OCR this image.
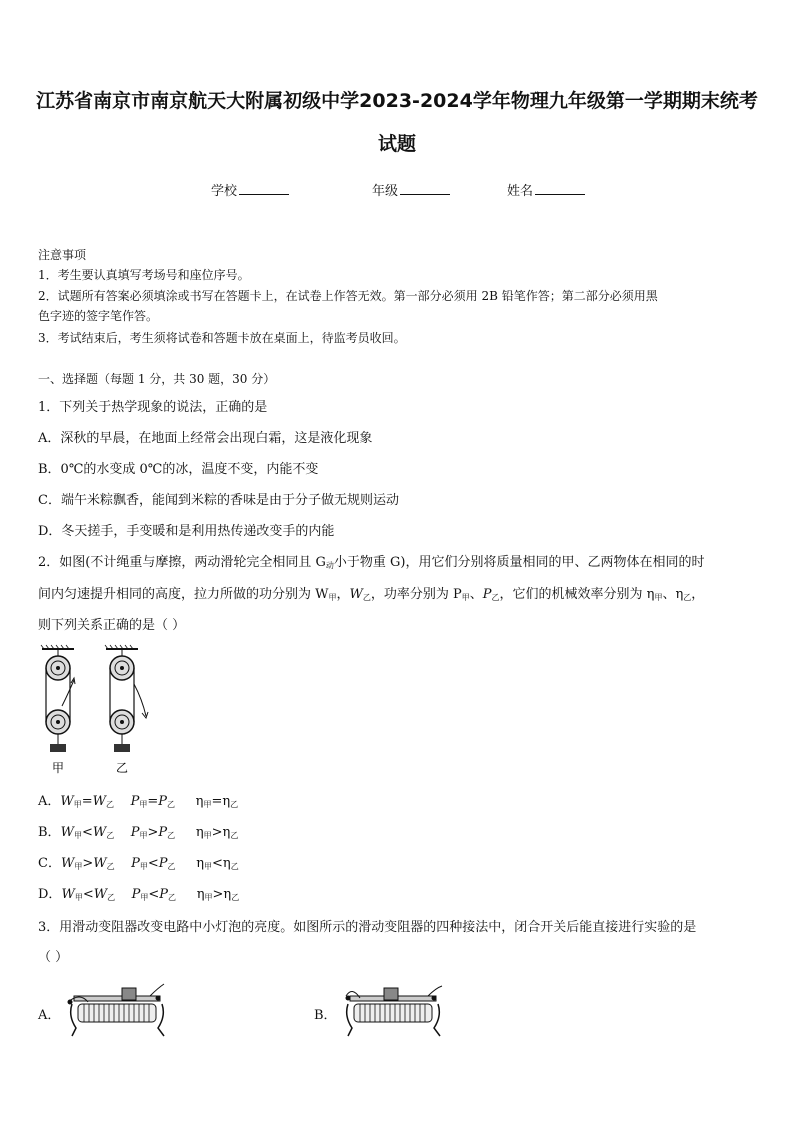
江苏省南京市南京航天大附属初级中学2023-2024学年物理九年级第一学期期末统考
试题
学校	年级	姓名
注意事项
1．考生要认真填写考场号和座位序号。
2．试题所有答案必须填涂或书写在答题卡上，在试卷上作答无效。第一部分必须用 2B 铅笔作答；第二部分必须用黑
色字迹的签字笔作答。
3．考试结束后，考生须将试卷和答题卡放在桌面上，待监考员收回。
一、选择题（每题 1 分，共 30 题，30 分）
1．下列关于热学现象的说法，正确的是
A．深秋的早晨，在地面上经常会出现白霜，这是液化现象
B．0℃的水变成 0℃的冰，温度不变，内能不变
C．端午米粽飘香，能闻到米粽的香味是由于分子做无规则运动
D．冬天搓手，手变暖和是利用热传递改变手的内能
2．如图(不计绳重与摩擦，两动滑轮完全相同且 $G_动$小于物重 G)，用它们分别将质量相同的甲、乙两物体在相同的时
间内匀速提升相同的高度，拉力所做的功分别为 $W_甲$，$W_乙$，功率分别为 $P_甲$、$P_乙$，它们的机械效率分别为 $\eta_甲$、$\eta_乙$，
则下列关系正确的是（ ）
甲	乙
A．$W_甲=W_乙$ $P_甲=P_乙$     $\eta_甲=\eta_乙$
B．$W_甲<W_乙$ $P_甲>P_乙$     $\eta_甲>\eta_乙$
C．$W_甲>W_乙$ $P_甲<P_乙$     $\eta_甲<\eta_乙$
D．$W_甲<W_乙$ $P_甲<P_乙$     $\eta_甲>\eta_乙$
3．用滑动变阻器改变电路中小灯泡的亮度。如图所示的滑动变阻器的四种接法中，闭合开关后能直接进行实验的是
（ ）
A．	B．
